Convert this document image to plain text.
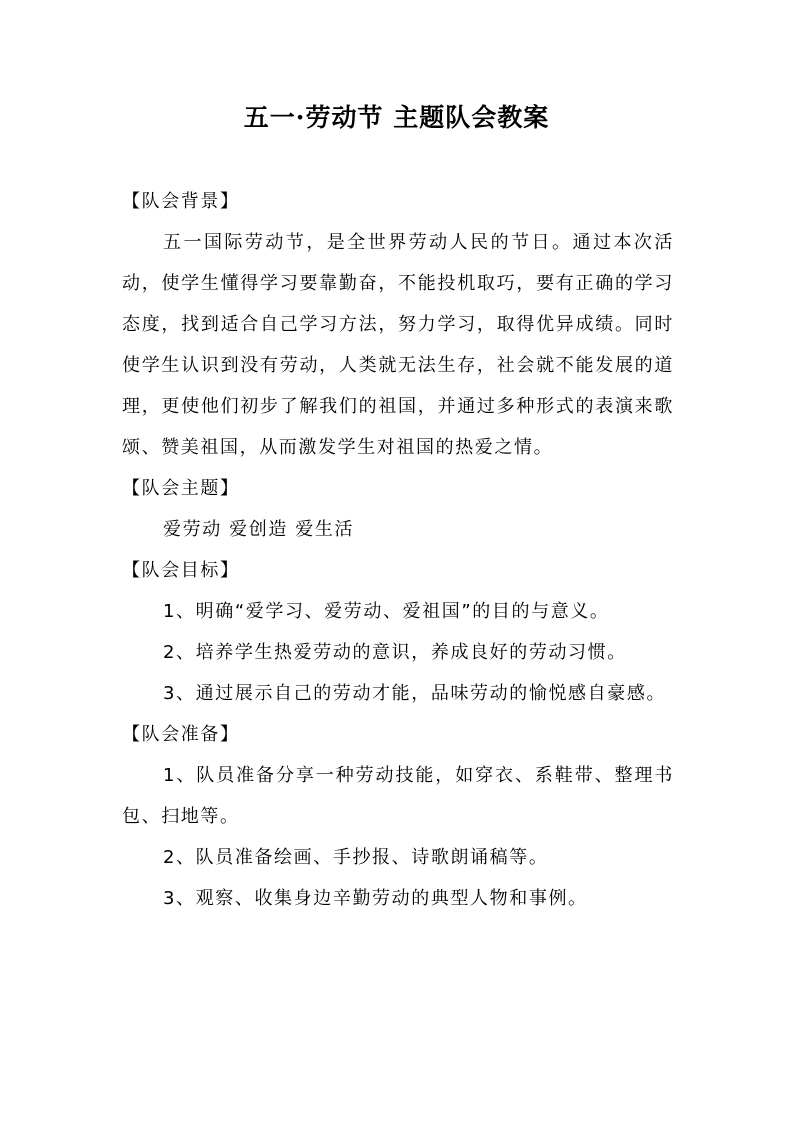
五一·劳动节 主题队会教案

【队会背景】

五一国际劳动节，是全世界劳动人民的节日。通过本次活动，使学生懂得学习要靠勤奋，不能投机取巧，要有正确的学习态度，找到适合自己学习方法，努力学习，取得优异成绩。同时使学生认识到没有劳动，人类就无法生存，社会就不能发展的道理，更使他们初步了解我们的祖国，并通过多种形式的表演来歌颂、赞美祖国，从而激发学生对祖国的热爱之情。

【队会主题】

爱劳动 爱创造 爱生活

【队会目标】

1、明确“爱学习、爱劳动、爱祖国”的目的与意义。

2、培养学生热爱劳动的意识，养成良好的劳动习惯。

3、通过展示自己的劳动才能，品味劳动的愉悦感自豪感。

【队会准备】

1、队员准备分享一种劳动技能，如穿衣、系鞋带、整理书包、扫地等。

2、队员准备绘画、手抄报、诗歌朗诵稿等。

3、观察、收集身边辛勤劳动的典型人物和事例。
